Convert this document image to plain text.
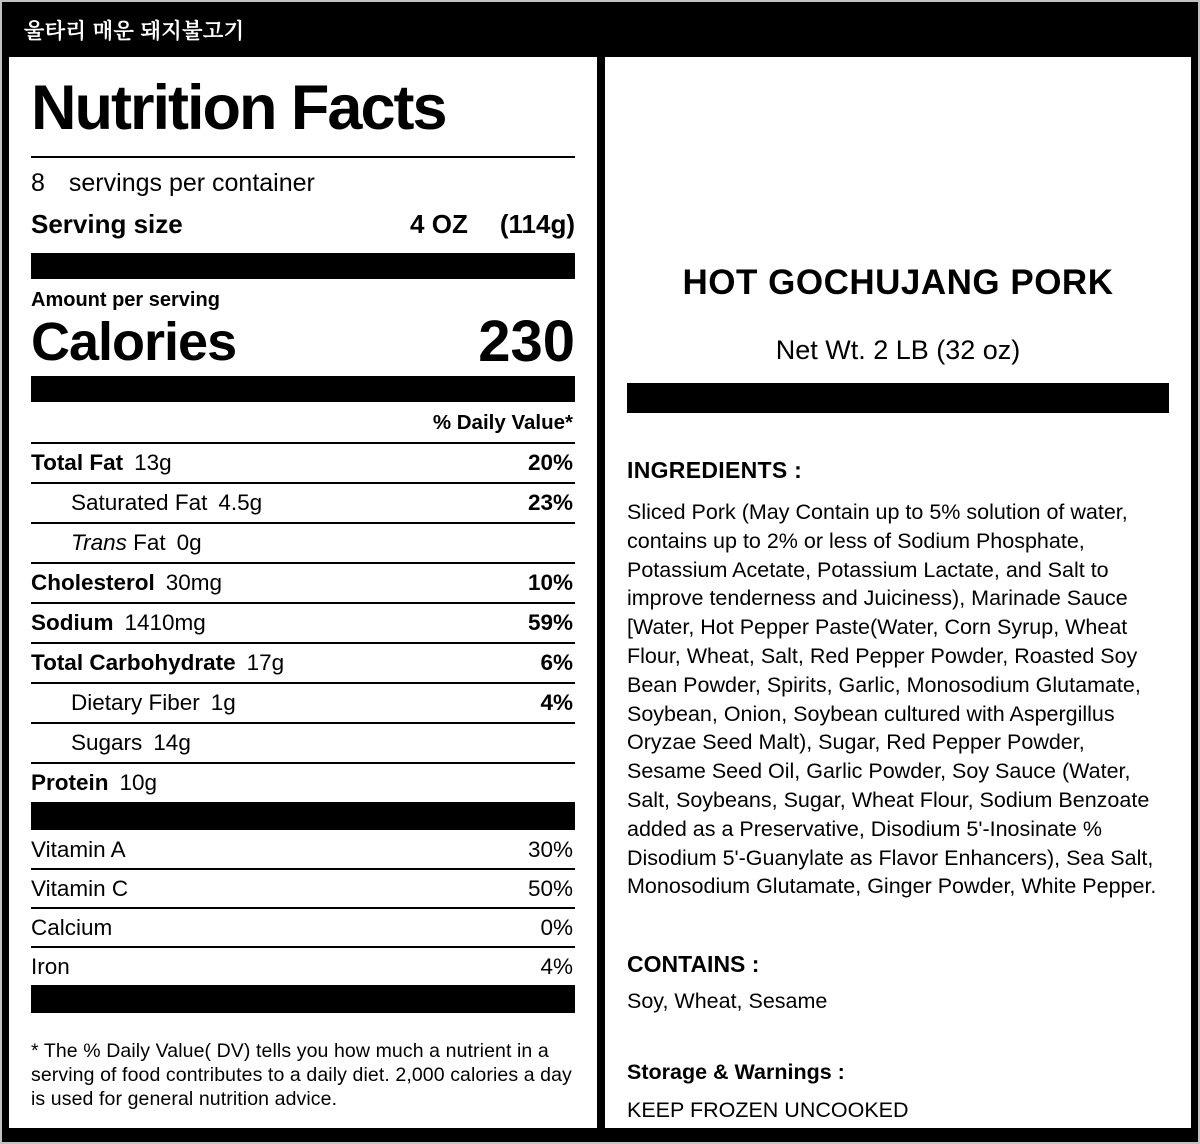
울타리 매운 돼지불고기
Nutrition Facts
8 servings per container
Serving size	4 OZ (114g)
Amount per serving
Calories	230
% Daily Value*
Total Fat 13g	20%
Saturated Fat 4.5g	23%
Trans Fat 0g
Cholesterol 30mg	10%
Sodium 1410mg	59%
Total Carbohydrate 17g	6%
Dietary Fiber 1g	4%
Sugars 14g
Protein 10g
Vitamin A	30%
Vitamin C	50%
Calcium	0%
Iron	4%

* The % Daily Value( DV) tells you how much a nutrient in a serving of food contributes to a daily diet. 2,000 calories a day is used for general nutrition advice.

HOT GOCHUJANG PORK
Net Wt. 2 LB (32 oz)
INGREDIENTS :

Sliced Pork (May Contain up to 5% solution of water, contains up to 2% or less of Sodium Phosphate, Potassium Acetate, Potassium Lactate, and Salt to improve tenderness and Juiciness), Marinade Sauce [Water, Hot Pepper Paste(Water, Corn Syrup, Wheat Flour, Wheat, Salt, Red Pepper Powder, Roasted Soy Bean Powder, Spirits, Garlic, Monosodium Glutamate, Soybean, Onion, Soybean cultured with Aspergillus Oryzae Seed Malt), Sugar, Red Pepper Powder, Sesame Seed Oil, Garlic Powder, Soy Sauce (Water, Salt, Soybeans, Sugar, Wheat Flour, Sodium Benzoate added as a Preservative, Disodium 5'-Inosinate % Disodium 5'-Guanylate as Flavor Enhancers), Sea Salt, Monosodium Glutamate, Ginger Powder, White Pepper.

CONTAINS :

Soy, Wheat, Sesame

Storage & Warnings :

KEEP FROZEN UNCOOKED
